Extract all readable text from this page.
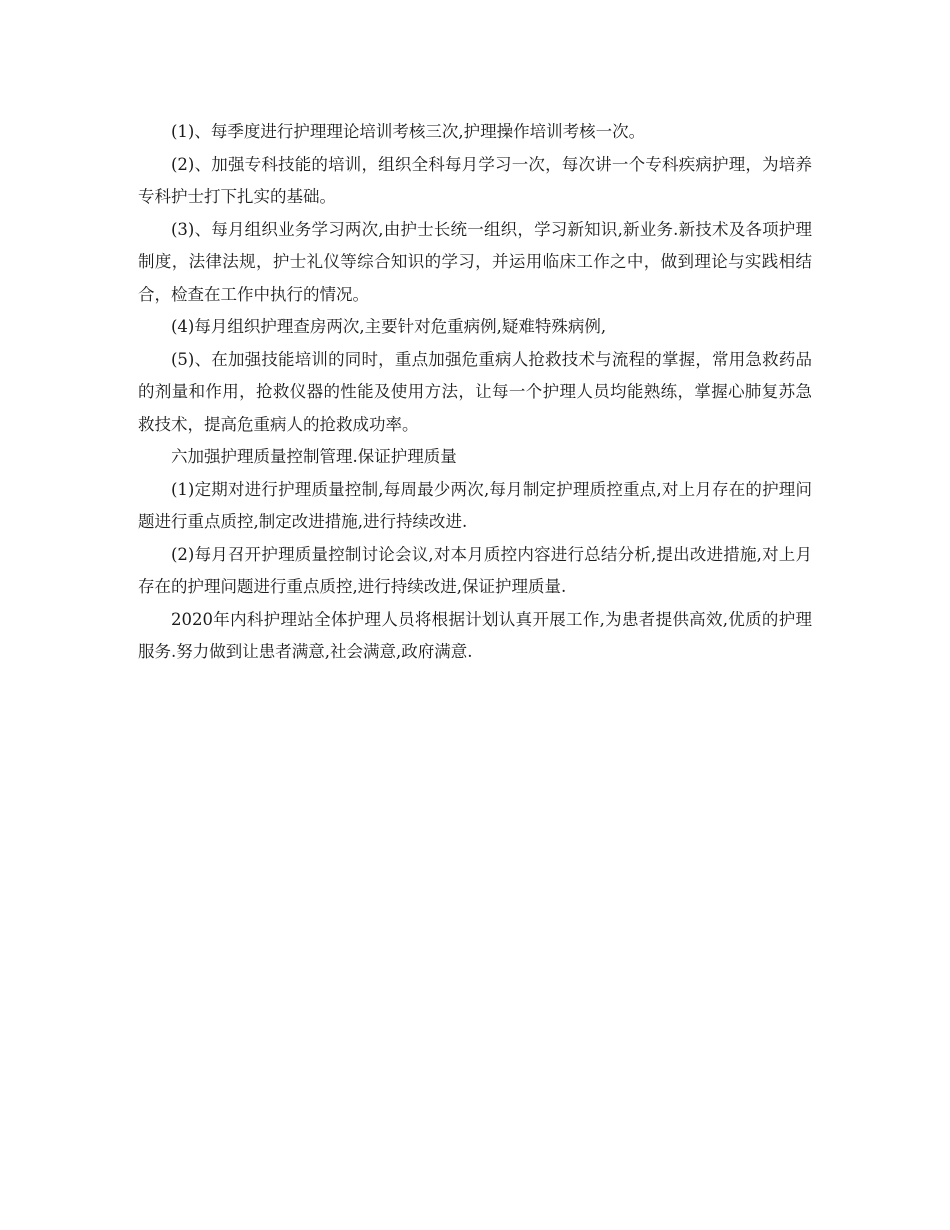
(1)、每季度进行护理理论培训考核三次,护理操作培训考核一次。

(2)、加强专科技能的培训，组织全科每月学习一次，每次讲一个专科疾病护理，为培养专科护士打下扎实的基础。

(3)、每月组织业务学习两次,由护士长统一组织，学习新知识,新业务.新技术及各项护理制度，法律法规，护士礼仪等综合知识的学习，并运用临床工作之中，做到理论与实践相结合，检查在工作中执行的情况。

(4)每月组织护理查房两次,主要针对危重病例,疑难特殊病例,

(5)、在加强技能培训的同时，重点加强危重病人抢救技术与流程的掌握，常用急救药品的剂量和作用，抢救仪器的性能及使用方法，让每一个护理人员均能熟练，掌握心肺复苏急救技术，提高危重病人的抢救成功率。

六加强护理质量控制管理.保证护理质量

(1)定期对进行护理质量控制,每周最少两次,每月制定护理质控重点,对上月存在的护理问题进行重点质控,制定改进措施,进行持续改进.

(2)每月召开护理质量控制讨论会议,对本月质控内容进行总结分析,提出改进措施,对上月存在的护理问题进行重点质控,进行持续改进,保证护理质量.

2020年内科护理站全体护理人员将根据计划认真开展工作,为患者提供高效,优质的护理服务.努力做到让患者满意,社会满意,政府满意.
